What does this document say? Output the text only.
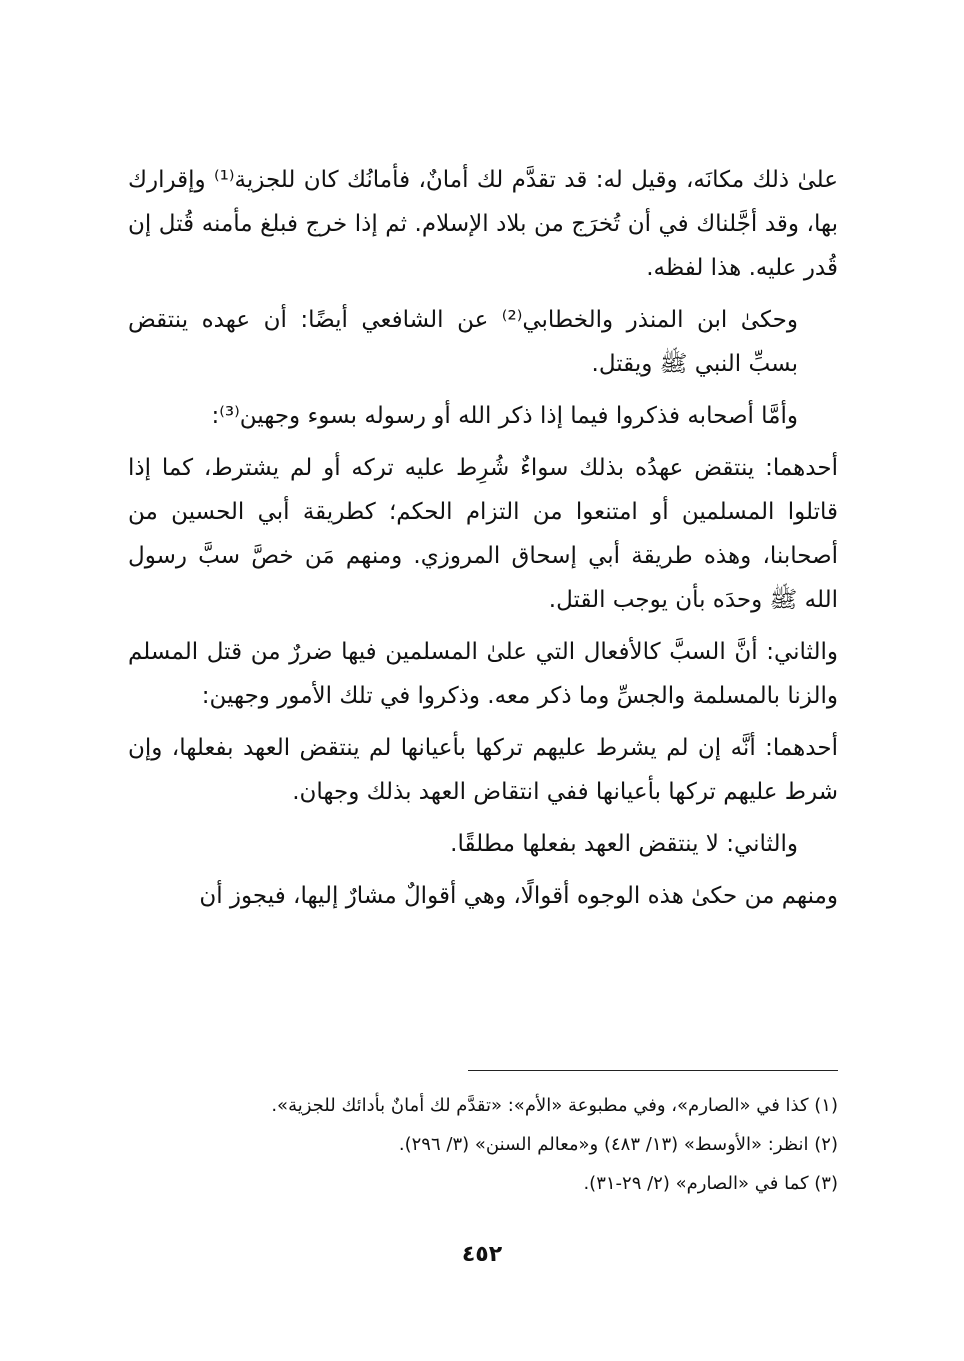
علىٰ ذلك مكانَه، وقيل له: قد تقدَّم لك أمانٌ، فأمانُك كان للجزية⁽¹⁾ وإقرارك بها، وقد أجَّلناك في أن تُخرَج من بلاد الإسلام. ثم إذا خرج فبلغ مأمنه قُتل إن قُدر عليه. هذا لفظه.

وحكىٰ ابن المنذر والخطابي⁽²⁾ عن الشافعي أيضًا: أن عهده ينتقض بسبِّ النبي ﷺ ويقتل.

وأمَّا أصحابه فذكروا فيما إذا ذكر الله أو رسوله بسوء وجهين⁽³⁾:

أحدهما: ينتقض عهدُه بذلك سواءٌ شُرِط عليه تركه أو لم يشترط، كما إذا قاتلوا المسلمين أو امتنعوا من التزام الحكم؛ كطريقة أبي الحسين من أصحابنا، وهذه طريقة أبي إسحاق المروزي. ومنهم مَن خصَّ سبَّ رسول الله ﷺ وحدَه بأن يوجب القتل.

والثاني: أنَّ السبَّ كالأفعال التي علىٰ المسلمين فيها ضررٌ من قتل المسلم والزنا بالمسلمة والجسِّ وما ذكر معه. وذكروا في تلك الأمور وجهين:

أحدهما: أنَّه إن لم يشرط عليهم تركها بأعيانها لم ينتقض العهد بفعلها، وإن شرط عليهم تركها بأعيانها ففي انتقاض العهد بذلك وجهان.

والثاني: لا ينتقض العهد بفعلها مطلقًا.

ومنهم من حكىٰ هذه الوجوه أقوالًا، وهي أقوالٌ مشارٌ إليها، فيجوز أن

(١) كذا في «الصارم»، وفي مطبوعة «الأم»: «تقدَّم لك أمانٌ بأدائك للجزية».

(٢) انظر: «الأوسط» (١٣/ ٤٨٣) و«معالم السنن» (٣/ ٢٩٦).

(٣) كما في «الصارم» (٢/ ٢٩-٣١).

٤٥٢
